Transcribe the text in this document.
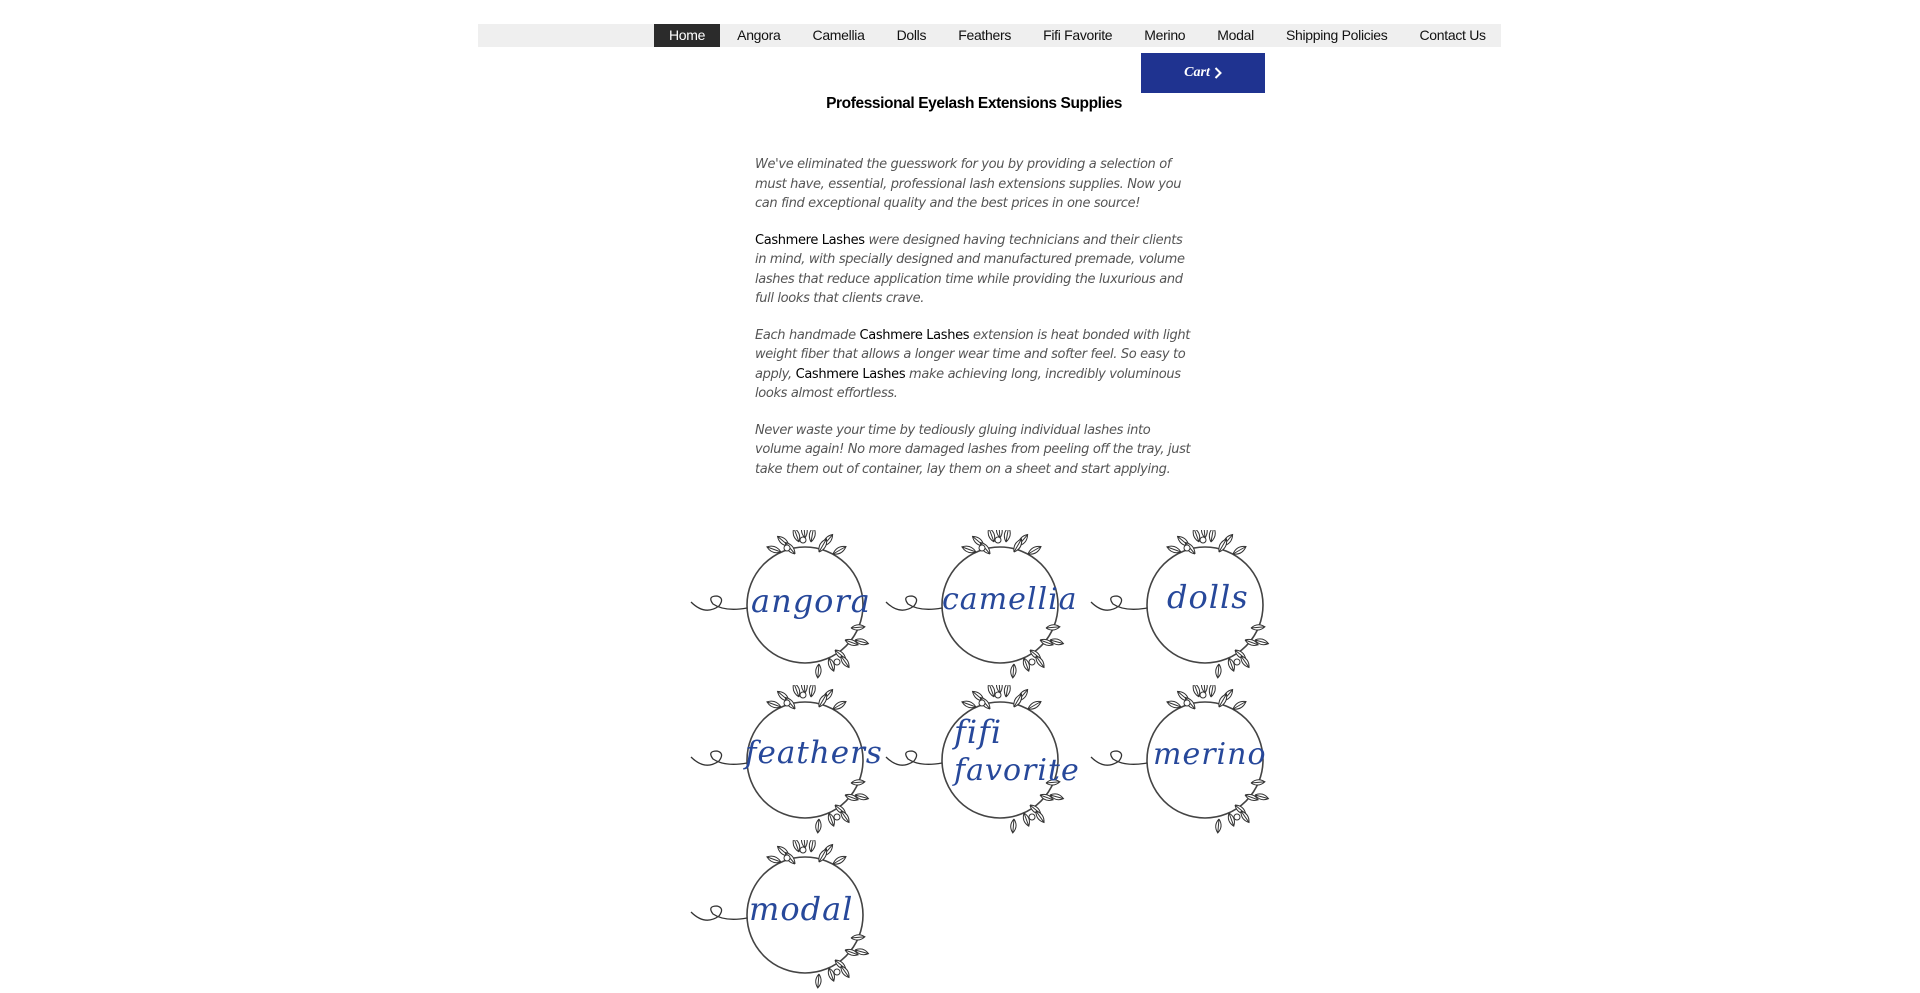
Home	Angora	Camellia	Dolls	Feathers	Fifi Favorite	Merino	Modal	Shipping Policies	Contact Us
Cart
Professional Eyelash Extensions Supplies

We've eliminated the guesswork for you by providing a selection of must have, essential, professional lash extensions supplies. Now you can find exceptional quality and the best prices in one source!

Cashmere Lashes were designed having technicians and their clients in mind, with specially designed and manufactured premade, volume lashes that reduce application time while providing the luxurious and full looks that clients crave.

Each handmade Cashmere Lashes extension is heat bonded with light weight fiber that allows a longer wear time and softer feel. So easy to apply, Cashmere Lashes make achieving long, incredibly voluminous looks almost effortless.

Never waste your time by tediously gluing individual lashes into volume again! No more damaged lashes from peeling off the tray, just take them out of container, lay them on a sheet and start applying.

angora camellia	dolls
feathers
fifi
favorite merino
modal
